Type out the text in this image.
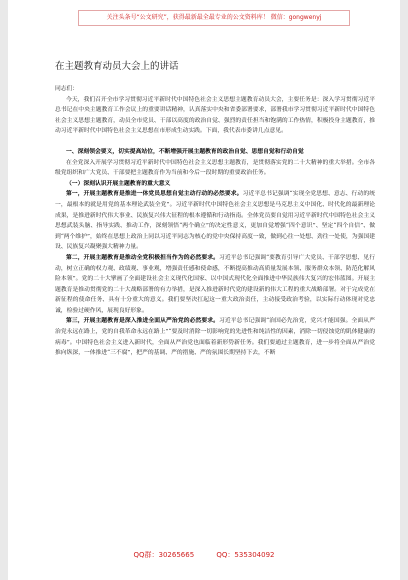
关注头条号“公文研究”，获得最新最全最专业的公文资料库！ 微信：gongwenyj
在主题教育动员大会上的讲话

同志们：

今天，我们召开全市学习贯彻习近平新时代中国特色社会主义思想主题教育动员大会，主要任务是：深入学习贯彻习近平总书记在中央主题教育工作会议上的重要讲话精神，认真落实中央和省委部署要求，部署我市学习贯彻习近平新时代中国特色社会主义思想主题教育，动员全市党员、干部以高度的政治自觉、强烈的责任担当和饱满的工作热情，积极投身主题教育，推动习近平新时代中国特色社会主义思想在市形成生动实践。下面，我代表市委讲几点意见。

一、深刻领会要义，切实提高站位，不断增强开展主题教育的政治自觉、思想自觉和行动自觉

在全党深入开展学习贯彻习近平新时代中国特色社会主义思想主题教育，是贯彻落实党的二十大精神的重大举措。全市各级党组织和广大党员、干部要把主题教育作为当前和今后一段时期的重要政治任务。

（一）深刻认识开展主题教育的重大意义

第一，开展主题教育是推进一体党员思想自觉主动行动的必然要求。习近平总书记强调“实现全党思想、意志、行动的统一，最根本的就是用党的基本理论武装全党”。习近平新时代中国特色社会主义思想是马克思主义中国化、时代化的最新理论成果，是推进新时代伟大事业、民族复兴伟大征程的根本遵循和行动指南。全体党员要自觉用习近平新时代中国特色社会主义思想武装头脑、指导实践、推动工作，深刻领悟“两个确立”的决定性意义，更加自觉增强“四个意识”、坚定“四个自信”、做到“两个维护”，始终在思想上政治上同以习近平同志为核心的党中央保持高度一致，做到心往一处想、劲往一处使，为强国建设、民族复兴凝聚强大精神力量。

第二，开展主题教育是推动全党积极担当作为的必然要求。习近平总书记强调“要教育引导广大党员、干部学思想、见行动，树立正确的权力观、政绩观、事业观，增强责任感和使命感，不断提高推动高质量发展本领、服务群众本领、防范化解风险本领”。党的二十大擘画了全面建设社会主义现代化国家、以中国式现代化全面推进中华民族伟大复兴的宏伟蓝图。开展主题教育是推动贯彻党的二十大战略部署的有力举措，是深入推进新时代党的建设新的伟大工程的重大战略部署。对于完成党在新征程的使命任务、具有十分重大的意义。我们要坚决扛起这一重大政治责任，主动接受政治考验，以实际行动体现对党忠诚，检验过硬作风，展现良好形象。

第三，开展主题教育是深入推进全面从严治党的必然要求。习近平总书记强调“治国必先治党，党兴才能国强。全面从严治党永远在路上，党的自我革命永远在路上”“要及时消除一切影响党的先进性和纯洁性的因素，消除一切侵蚀党的肌体健康的病毒”。中国特色社会主义进入新时代，全面从严治党也面临着新形势新任务。我们要通过主题教育，进一步将全面从严治党推向纵深，一体推进“三不腐”，把严的基调、严的措施、严的氛围长期坚持下去，不断

QQ群：30265665	QQ：535304092
